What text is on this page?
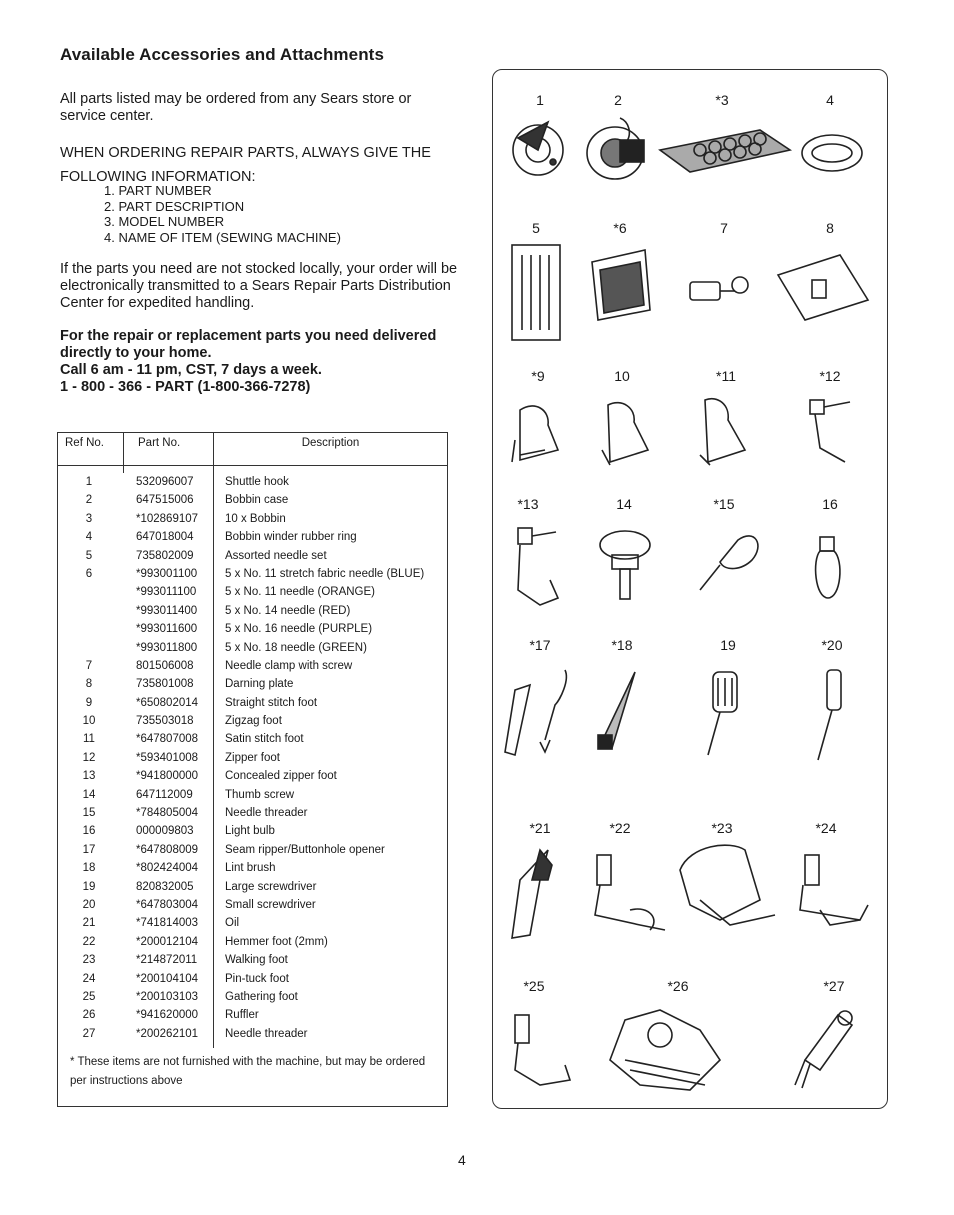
Available Accessories and Attachments
All parts listed may be ordered from any Sears store or service center.
WHEN ORDERING REPAIR PARTS, ALWAYS GIVE THE FOLLOWING INFORMATION:
1. PART NUMBER
2. PART DESCRIPTION
3. MODEL NUMBER
4. NAME OF ITEM (SEWING MACHINE)
If the parts you need are not stocked locally, your order will be electronically transmitted to a Sears Repair Parts Distribution Center for expedited handling.
For the repair or replacement parts you need delivered
directly to your home.
Call 6 am - 11 pm, CST, 7 days a week.
1 - 800 - 366 - PART (1-800-366-7278)
Ref No.	Part No.	Description
1	532096007	Shuttle hook
2	647515006	Bobbin case
3	*102869107 10 x Bobbin
4	647018004	Bobbin winder rubber ring
5	735802009	Assorted needle set
6	*993001100 5 x No. 11 stretch fabric needle (BLUE)
*993011100 5 x No. 11 needle (ORANGE)
*993011400 5 x No. 14 needle (RED)
*993011600 5 x No. 16 needle (PURPLE)
*993011800 5 x No. 18 needle (GREEN)
7	801506008	Needle clamp with screw
8	735801008	Darning plate
9	*650802014 Straight stitch foot
10	735503018	Zigzag foot
11	*647807008 Satin stitch foot
12	*593401008 Zipper foot
13	*941800000 Concealed zipper foot
14	647112009	Thumb screw
15	*784805004 Needle threader
16	000009803	Light bulb
17	*647808009 Seam ripper/Buttonhole opener
18	*802424004 Lint brush
19	820832005	Large screwdriver
20	*647803004 Small screwdriver
21	*741814003 Oil
22	*200012104 Hemmer foot (2mm)
23	*214872011 Walking foot
24	*200104104 Pin-tuck foot
25	*200103103 Gathering foot
26	*941620000 Ruffler
27	*200262101 Needle threader
* These items are not furnished with the machine, but may be ordered per instructions above
1	2	*3	4
5	*6	7	8
*9	10	*11	*12
*13	14	*15	16
*17	*18	19	*20
*21	*22	*23	*24
*25	*26	*27
4
